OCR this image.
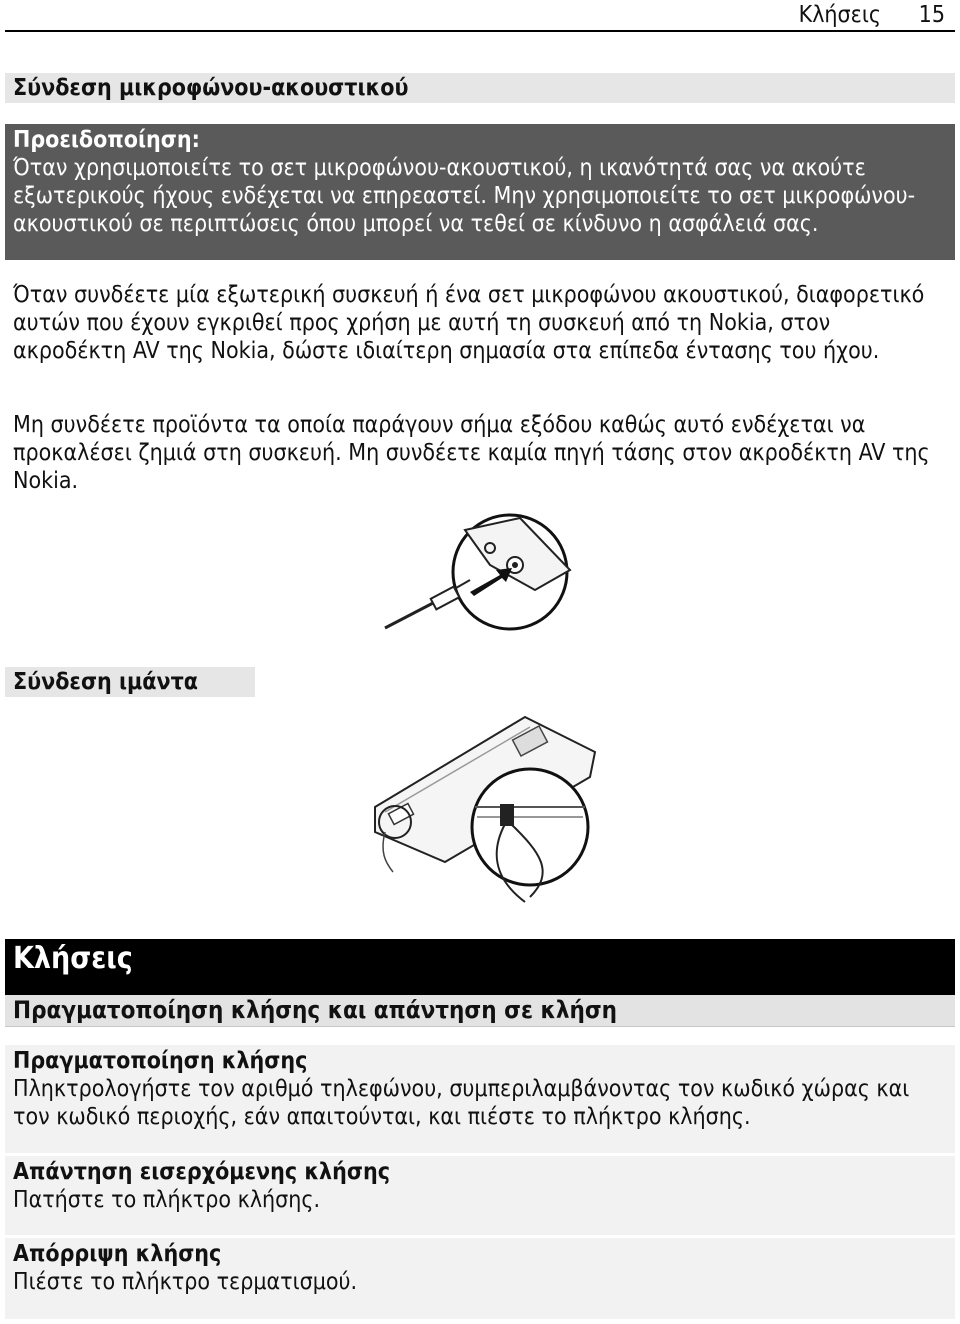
Κλήσεις 15
Σύνδεση μικροφώνου-ακουστικού
Προειδοποίηση:
Όταν χρησιμοποιείτε το σετ μικροφώνου-ακουστικού, η ικανότητά σας να ακούτε εξωτερικούς ήχους ενδέχεται να επηρεαστεί. Μην χρησιμοποιείτε το σετ μικροφώνου-ακουστικού σε περιπτώσεις όπου μπορεί να τεθεί σε κίνδυνο η ασφάλειά σας.
Όταν συνδέετε μία εξωτερική συσκευή ή ένα σετ μικροφώνου ακουστικού, διαφορετικό αυτών που έχουν εγκριθεί προς χρήση με αυτή τη συσκευή από τη Nokia, στον ακροδέκτη AV της Nokia, δώστε ιδιαίτερη σημασία στα επίπεδα έντασης του ήχου.
Μη συνδέετε προϊόντα τα οποία παράγουν σήμα εξόδου καθώς αυτό ενδέχεται να προκαλέσει ζημιά στη συσκευή. Μη συνδέετε καμία πηγή τάσης στον ακροδέκτη AV της Nokia.
Σύνδεση ιμάντα
Κλήσεις
Πραγματοποίηση κλήσης και απάντηση σε κλήση
Πραγματοποίηση κλήσης
Πληκτρολογήστε τον αριθμό τηλεφώνου, συμπεριλαμβάνοντας τον κωδικό χώρας και τον κωδικό περιοχής, εάν απαιτούνται, και πιέστε το πλήκτρο κλήσης.
Απάντηση εισερχόμενης κλήσης
Πατήστε το πλήκτρο κλήσης.
Απόρριψη κλήσης
Πιέστε το πλήκτρο τερματισμού.
